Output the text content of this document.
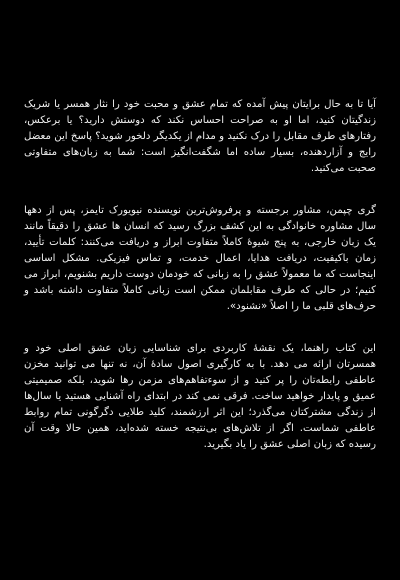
آیا تا به حال برایتان پیش آمده که تمام عشق و محبت خود را نثار همسر یا شریک زندگیتان کنید، اما او به صراحت احساس نکند که دوستش دارید؟ یا برعکس، رفتارهای طرف مقابل را درک نکنید و مدام از یکدیگر دلخور شوید؟ پاسخ این معضل رایج و آزاردهنده، بسیار ساده اما شگفت‌انگیز است: شما به زبان‌های متفاوتی صحبت می‌کنید.

گری چپمن، مشاور برجسته و پرفروش‌ترین نویسنده نیویورک تایمز، پس از دهها سال مشاوره خانوادگی به این کشف بزرگ رسید که انسان ها عشق را دقیقاً مانند یک زبان خارجی، به پنج شیوهٔ کاملاً متفاوت ابراز و دریافت می‌کنند: کلمات تأیید، زمان باکیفیت، دریافت هدایا، اعمال خدمت، و تماس فیزیکی. مشکل اساسی اینجاست که ما معمولاً عشق را به زبانی که خودمان دوست داریم بشنویم، ابراز می کنیم؛ در حالی که طرف مقابلمان ممکن است زبانی کاملاً متفاوت داشته باشد و حرف‌های قلبی ما را اصلاً «نشنود».

این کتاب راهنما، یک نقشهٔ کاربردی برای شناسایی زبان عشق اصلی خود و همسرتان ارائه می دهد. با به کارگیری اصول سادهٔ آن، نه تنها می توانید مخزن عاطفی رابطه‌تان را پر کنید و از سوءتفاهم‌های مزمن رها شوید، بلکه صمیمیتی عمیق و پایدار خواهید ساخت. فرقی نمی کند در ابتدای راه آشنایی هستید یا سال‌ها از زندگی مشترکتان می‌گذرد؛ این اثر ارزشمند، کلید طلایی دگرگونی تمام روابط عاطفی شماست. اگر از تلاش‌های بی‌نتیجه خسته شده‌اید، همین حالا وقت آن رسیده که زبان اصلی عشق را یاد بگیرید.
